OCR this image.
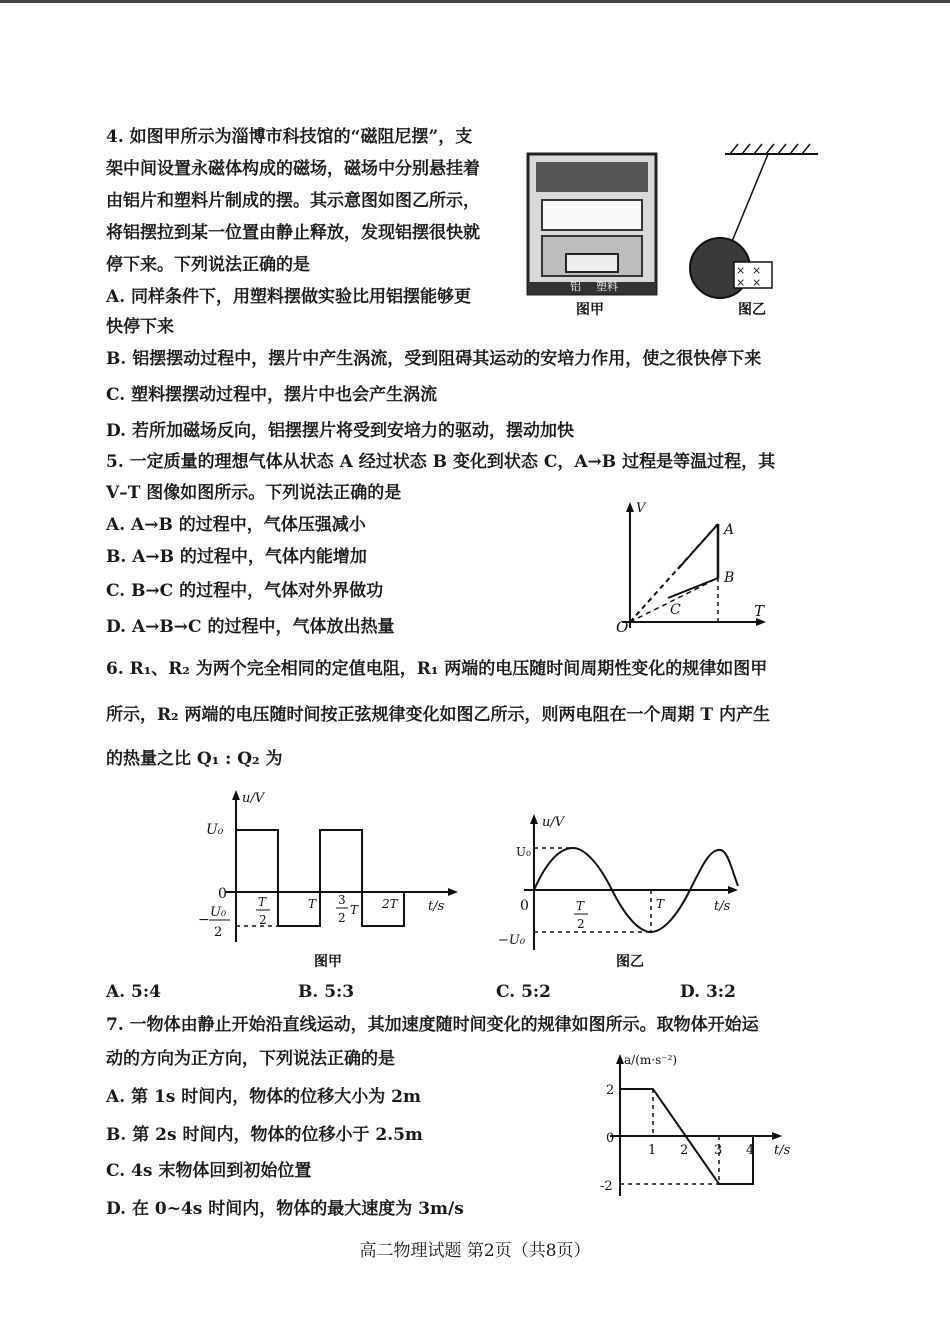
4. 如图甲所示为淄博市科技馆的“磁阻尼摆”，支
架中间设置永磁体构成的磁场，磁场中分别悬挂着
由铝片和塑料片制成的摆。其示意图如图乙所示，
将铝摆拉到某一位置由静止释放，发现铝摆很快就
停下来。下列说法正确的是
A. 同样条件下，用塑料摆做实验比用铝摆能够更
快停下来
B. 铝摆摆动过程中，摆片中产生涡流，受到阻碍其运动的安培力作用，使之很快停下来
C. 塑料摆摆动过程中，摆片中也会产生涡流
D. 若所加磁场反向，铝摆摆片将受到安培力的驱动，摆动加快
铝 塑料
图甲
× ×
× ×
图乙
5. 一定质量的理想气体从状态 A 经过状态 B 变化到状态 C，A→B 过程是等温过程，其
V–T 图像如图所示。下列说法正确的是
A. A→B 的过程中，气体压强减小
B. A→B 的过程中，气体内能增加
C. B→C 的过程中，气体对外界做功
D. A→B→C 的过程中，气体放出热量
V
T
O
A
B
C
6. R₁、R₂ 为两个完全相同的定值电阻，R₁ 两端的电压随时间周期性变化的规律如图甲
所示，R₂ 两端的电压随时间按正弦规律变化如图乙所示，则两电阻在一个周期 T 内产生
的热量之比 Q₁ : Q₂ 为
u/V
t/s
U₀
0
− U₀
2
T
2
T 3
2
T 2T
图甲
u/V
t/s
U₀
0
−U₀
T
2
T
图乙
A. 5:4	B. 5:3	C. 5:2	D. 3:2
7. 一物体由静止开始沿直线运动，其加速度随时间变化的规律如图所示。取物体开始运
动的方向为正方向，下列说法正确的是
A. 第 1s 时间内，物体的位移大小为 2m
B. 第 2s 时间内，物体的位移小于 2.5m
C. 4s 末物体回到初始位置
D. 在 0~4s 时间内，物体的最大速度为 3m/s
a/(m·s⁻²)
t/s
2
0
-2
1 2 3 4
高二物理试题 第2页（共8页）
